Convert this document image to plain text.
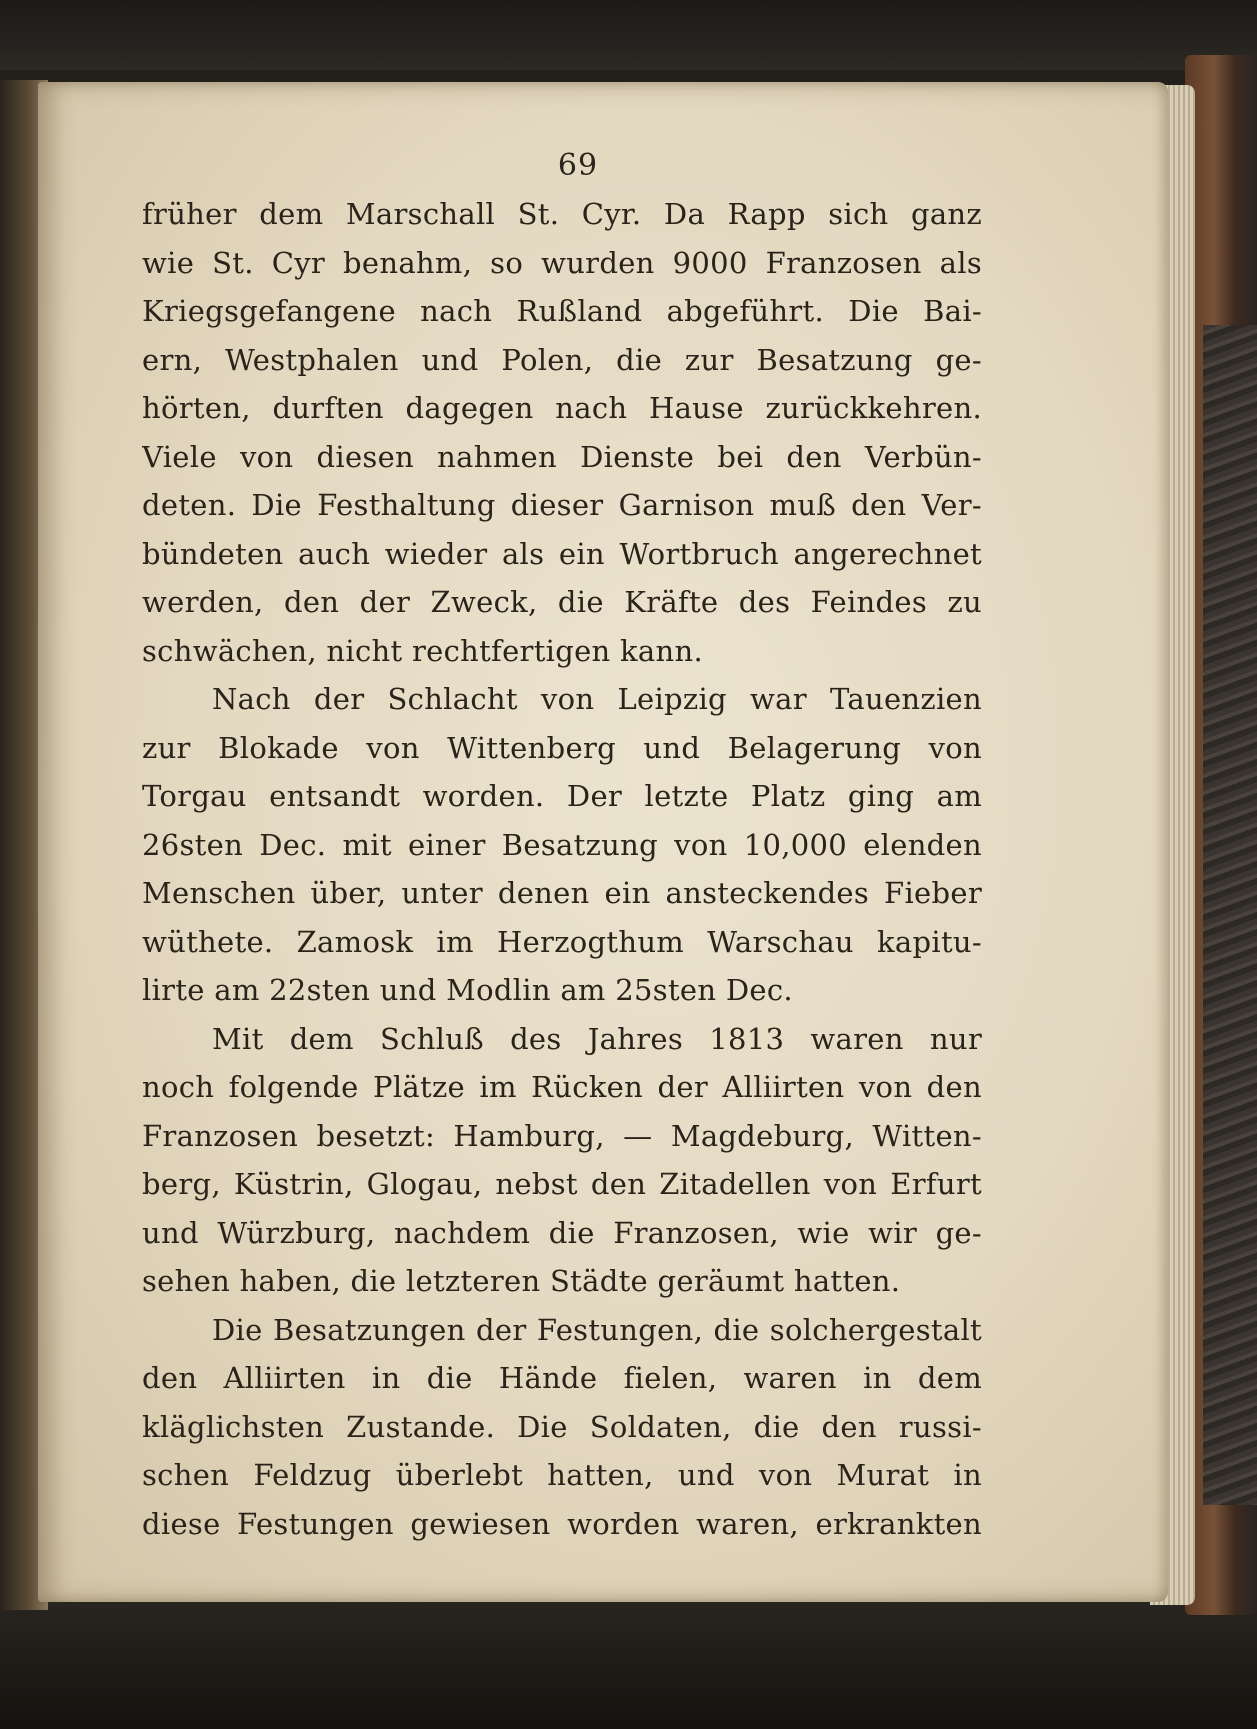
69
früher dem Marschall St. Cyr. Da Rapp sich ganz
wie St. Cyr benahm, so wurden 9000 Franzosen als
Kriegsgefangene nach Rußland abgeführt. Die Bai-
ern, Westphalen und Polen, die zur Besatzung ge-
hörten, durften dagegen nach Hause zurückkehren.
Viele von diesen nahmen Dienste bei den Verbün-
deten. Die Festhaltung dieser Garnison muß den Ver-
bündeten auch wieder als ein Wortbruch angerechnet
werden, den der Zweck, die Kräfte des Feindes zu
schwächen, nicht rechtfertigen kann.
Nach der Schlacht von Leipzig war Tauenzien
zur Blokade von Wittenberg und Belagerung von
Torgau entsandt worden. Der letzte Platz ging am
26sten Dec. mit einer Besatzung von 10,000 elenden
Menschen über, unter denen ein ansteckendes Fieber
wüthete. Zamosk im Herzogthum Warschau kapitu-
lirte am 22sten und Modlin am 25sten Dec.
Mit dem Schluß des Jahres 1813 waren nur
noch folgende Plätze im Rücken der Alliirten von den
Franzosen besetzt: Hamburg, — Magdeburg, Witten-
berg, Küstrin, Glogau, nebst den Zitadellen von Erfurt
und Würzburg, nachdem die Franzosen, wie wir ge-
sehen haben, die letzteren Städte geräumt hatten.
Die Besatzungen der Festungen, die solchergestalt
den Alliirten in die Hände fielen, waren in dem
kläglichsten Zustande. Die Soldaten, die den russi-
schen Feldzug überlebt hatten, und von Murat in
diese Festungen gewiesen worden waren, erkrankten
